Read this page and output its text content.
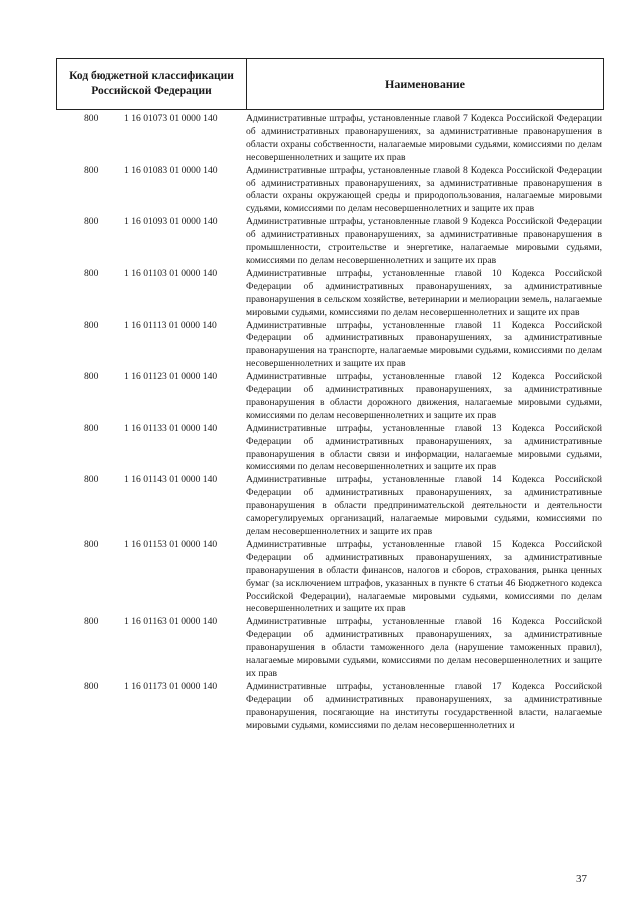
Код бюджетной классификации Российской Федерации
Наименование
800	1 16 01073 01 0000 140	Административные штрафы, установленные главой 7 Кодекса Российской Федерации об административных правонарушениях, за административные правонарушения в области охраны собственности, налагаемые мировыми судьями, комиссиями по делам несовершеннолетних и защите их прав
800	1 16 01083 01 0000 140	Административные штрафы, установленные главой 8 Кодекса Российской Федерации об административных правонарушениях, за административные правонарушения в области охраны окружающей среды и природопользования, налагаемые мировыми судьями, комиссиями по делам несовершеннолетних и защите их прав
800	1 16 01093 01 0000 140	Административные штрафы, установленные главой 9 Кодекса Российской Федерации об административных правонарушениях, за административные правонарушения в промышленности, строительстве и энергетике, налагаемые мировыми судьями, комиссиями по делам несовершеннолетних и защите их прав
800	1 16 01103 01 0000 140	Административные штрафы, установленные главой 10 Кодекса Российской Федерации об административных правонарушениях, за административные правонарушения в сельском хозяйстве, ветеринарии и мелиорации земель, налагаемые мировыми судьями, комиссиями по делам несовершеннолетних и защите их прав
800	1 16 01113 01 0000 140	Административные штрафы, установленные главой 11 Кодекса Российской Федерации об административных правонарушениях, за административные правонарушения на транспорте, налагаемые мировыми судьями, комиссиями по делам несовершеннолетних и защите их прав
800	1 16 01123 01 0000 140	Административные штрафы, установленные главой 12 Кодекса Российской Федерации об административных правонарушениях, за административные правонарушения в области дорожного движения, налагаемые мировыми судьями, комиссиями по делам несовершеннолетних и защите их прав
800	1 16 01133 01 0000 140	Административные штрафы, установленные главой 13 Кодекса Российской Федерации об административных правонарушениях, за административные правонарушения в области связи и информации, налагаемые мировыми судьями, комиссиями по делам несовершеннолетних и защите их прав
800	1 16 01143 01 0000 140	Административные штрафы, установленные главой 14 Кодекса Российской Федерации об административных правонарушениях, за административные правонарушения в области предпринимательской деятельности и деятельности саморегулируемых организаций, налагаемые мировыми судьями, комиссиями по делам несовершеннолетних и защите их прав
800	1 16 01153 01 0000 140	Административные штрафы, установленные главой 15 Кодекса Российской Федерации об административных правонарушениях, за административные правонарушения в области финансов, налогов и сборов, страхования, рынка ценных бумаг (за исключением штрафов, указанных в пункте 6 статьи 46 Бюджетного кодекса Российской Федерации), налагаемые мировыми судьями, комиссиями по делам несовершеннолетних и защите их прав
800	1 16 01163 01 0000 140	Административные штрафы, установленные главой 16 Кодекса Российской Федерации об административных правонарушениях, за административные правонарушения в области таможенного дела (нарушение таможенных правил), налагаемые мировыми судьями, комиссиями по делам несовершеннолетних и защите их прав
800	1 16 01173 01 0000 140	Административные штрафы, установленные главой 17 Кодекса Российской Федерации об административных правонарушениях, за административные правонарушения, посягающие на институты государственной власти, налагаемые мировыми судьями, комиссиями по делам несовершеннолетних и
37
